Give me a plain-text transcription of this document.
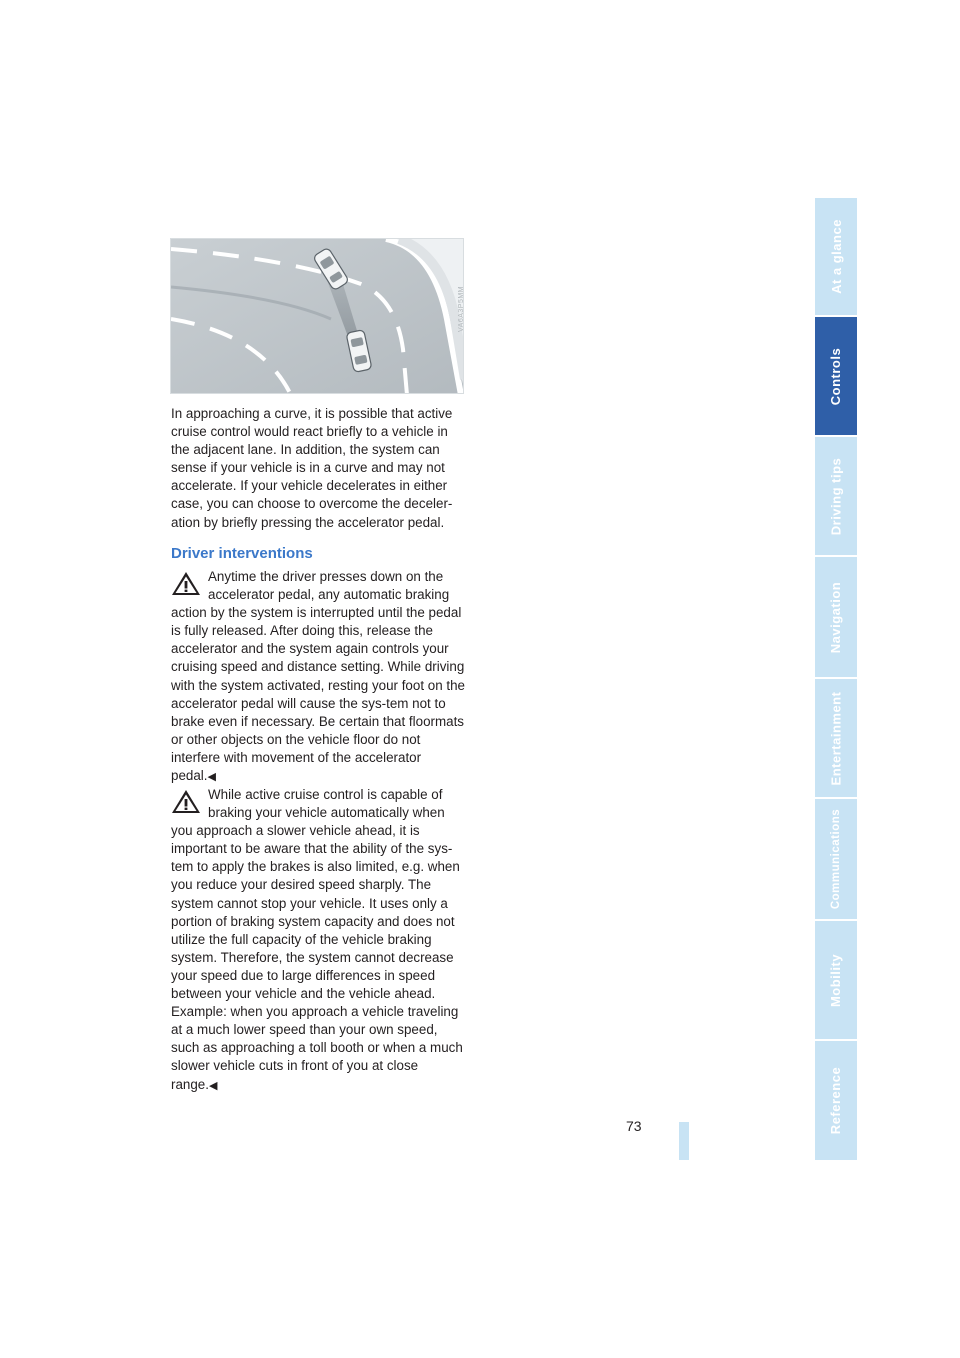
VA6A3P5MM

In approaching a curve, it is possible that active cruise control would react briefly to a vehicle in the adjacent lane. In addition, the system can sense if your vehicle is in a curve and may not accelerate. If your vehicle decelerates in either case, you can choose to overcome the deceler-ation by briefly pressing the accelerator pedal.

Driver interventions
Anytime the driver presses down on the accelerator pedal, any automatic braking action by the system is interrupted until the pedal is fully released. After doing this, release the accelerator and the system again controls your cruising speed and distance setting. While driving with the system activated, resting your foot on the accelerator pedal will cause the sys-tem not to brake even if necessary. Be certain that floormats or other objects on the vehicle floor do not interfere with movement of the accelerator pedal.◀
While active cruise control is capable of braking your vehicle automatically when you approach a slower vehicle ahead, it is important to be aware that the ability of the sys-tem to apply the brakes is also limited, e.g. when you reduce your desired speed sharply. The system cannot stop your vehicle. It uses only a portion of braking system capacity and does not utilize the full capacity of the vehicle braking system. Therefore, the system cannot decrease your speed due to large differences in speed between your vehicle and the vehicle ahead. Example: when you approach a vehicle traveling at a much lower speed than your own speed, such as approaching a toll booth or when a much slower vehicle cuts in front of you at close range.◀
At a glance
Controls
Driving tips
Navigation
Entertainment
Communications
Mobility
Reference
73
